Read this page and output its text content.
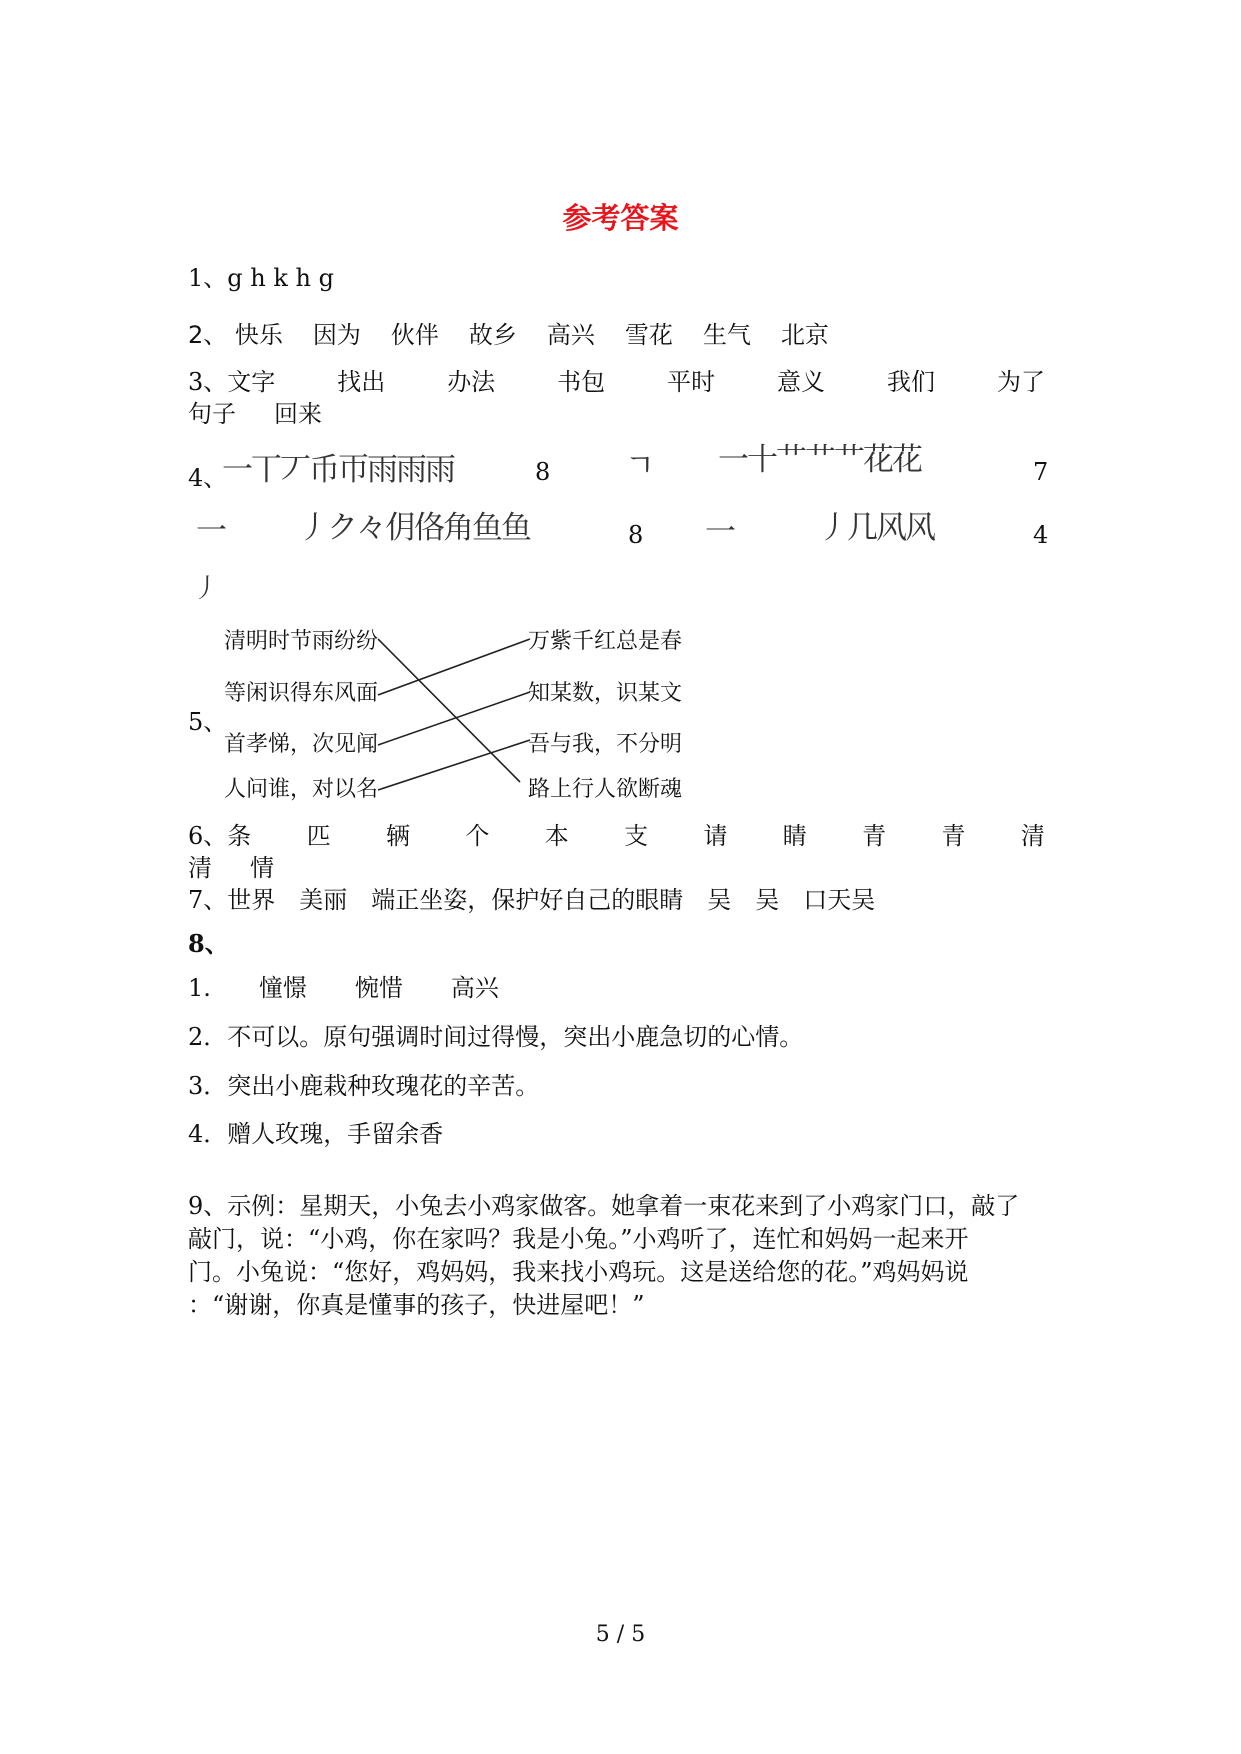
参考答案
1、g h k h g
2、 快乐 因为 伙伴 故乡 高兴 雪花 生气 北京
3、文字	找出	办法	书包	平时	意义	我们	为了
句子 回来
4、
一丅丆币帀雨雨雨	8 ㄱ 一十艹艹艹花花	7
一 丿ク々仴佫角鱼鱼	8 一	丿几风风	4
丿
5、
清明时节雨纷纷
等闲识得东风面
首孝悌，次见闻
人问谁，对以名
万紫千红总是春
知某数，识某文
吾与我，不分明
路上行人欲断魂
6、条 匹 辆 个 本 支 请 睛 青 青 清
清 情
7、世界　美丽　端正坐姿，保护好自己的眼睛　吴　吴　口天吴
8、
1.　　憧憬　　惋惜　　高兴
2．不可以。原句强调时间过得慢，突出小鹿急切的心情。
3．突出小鹿栽种玫瑰花的辛苦。
4．赠人玫瑰，手留余香
9、示例：星期天，小兔去小鸡家做客。她拿着一束花来到了小鸡家门口，敲了
敲门，说：“小鸡，你在家吗？我是小兔。”小鸡听了，连忙和妈妈一起来开
门。小兔说：“您好，鸡妈妈，我来找小鸡玩。这是送给您的花。”鸡妈妈说
：“谢谢，你真是懂事的孩子，快进屋吧！”
5 / 5
